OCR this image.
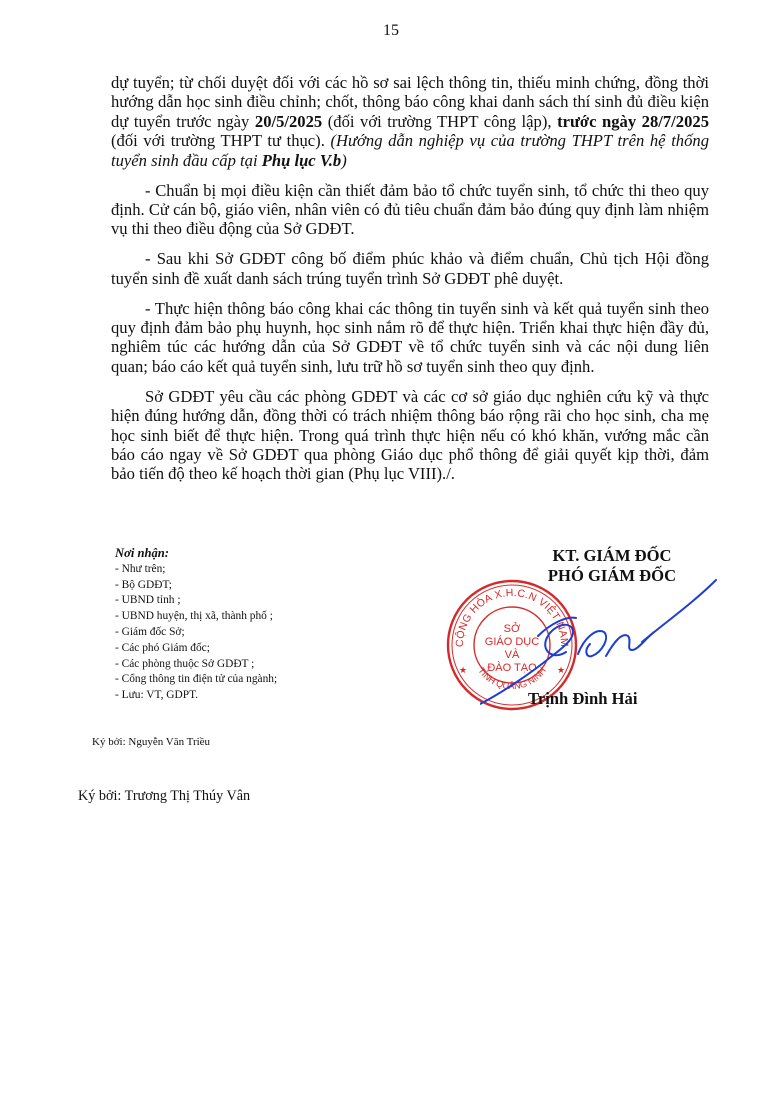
15

dự tuyển; từ chối duyệt đối với các hồ sơ sai lệch thông tin, thiếu minh chứng, đồng thời hướng dẫn học sinh điều chỉnh; chốt, thông báo công khai danh sách thí sinh đủ điều kiện dự tuyển trước ngày 20/5/2025 (đối với trường THPT công lập), trước ngày 28/7/2025 (đối với trường THPT tư thục). (Hướng dẫn nghiệp vụ của trường THPT trên hệ thống tuyển sinh đầu cấp tại Phụ lục V.b)

- Chuẩn bị mọi điều kiện cần thiết đảm bảo tổ chức tuyển sinh, tổ chức thi theo quy định. Cử cán bộ, giáo viên, nhân viên có đủ tiêu chuẩn đảm bảo đúng quy định làm nhiệm vụ thi theo điều động của Sở GDĐT.

- Sau khi Sở GDĐT công bố điểm phúc khảo và điểm chuẩn, Chủ tịch Hội đồng tuyển sinh đề xuất danh sách trúng tuyển trình Sở GDĐT phê duyệt.

- Thực hiện thông báo công khai các thông tin tuyển sinh và kết quả tuyển sinh theo quy định đảm bảo phụ huynh, học sinh nắm rõ để thực hiện. Triển khai thực hiện đầy đủ, nghiêm túc các hướng dẫn của Sở GDĐT về tổ chức tuyển sinh và các nội dung liên quan; báo cáo kết quả tuyển sinh, lưu trữ hồ sơ tuyển sinh theo quy định.

Sở GDĐT yêu cầu các phòng GDĐT và các cơ sở giáo dục nghiên cứu kỹ và thực hiện đúng hướng dẫn, đồng thời có trách nhiệm thông báo rộng rãi cho học sinh, cha mẹ học sinh biết để thực hiện. Trong quá trình thực hiện nếu có khó khăn, vướng mắc cần báo cáo ngay về Sở GDĐT qua phòng Giáo dục phổ thông để giải quyết kịp thời, đảm bảo tiến độ theo kế hoạch thời gian (Phụ lục VIII)./.

Nơi nhận:
- Như trên;
- Bộ GDĐT;
- UBND tỉnh ;
- UBND huyện, thị xã, thành phố ;
- Giám đốc Sở;
- Các phó Giám đốc;
- Các phòng thuộc Sở GDĐT ;
- Cổng thông tin điện tử của ngành;
- Lưu: VT, GDPT.
KT. GIÁM ĐỐC
PHÓ GIÁM ĐỐC
CỘNG HÒA X.H.C.N VIỆT NAM
TỈNH QUẢNG NINH
★	★
SỞ
GIÁO DỤC
VÀ
ĐÀO TẠO
Trịnh Đình Hải
Ký bởi: Nguyễn Văn Triều
Ký bởi: Trương Thị Thúy Vân
